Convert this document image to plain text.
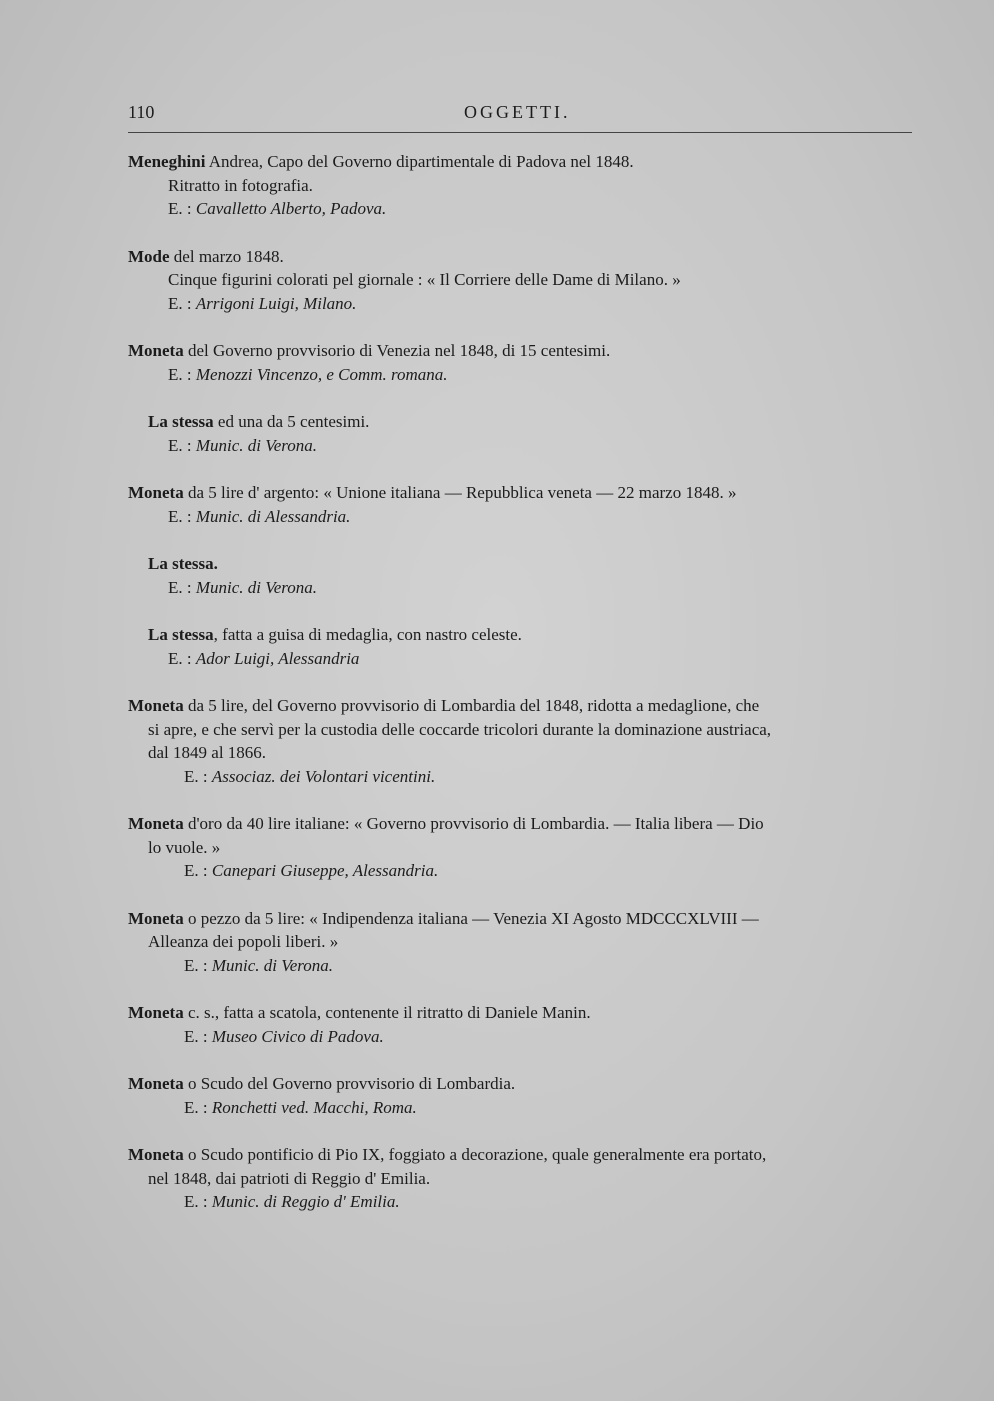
110	OGGETTI.
Meneghini Andrea, Capo del Governo dipartimentale di Padova nel 1848.
Ritratto in fotografia.
E. : Cavalletto Alberto, Padova.
Mode del marzo 1848.
Cinque figurini colorati pel giornale : « Il Corriere delle Dame di Milano. »
E. : Arrigoni Luigi, Milano.
Moneta del Governo provvisorio di Venezia nel 1848, di 15 centesimi.
E. : Menozzi Vincenzo, e Comm. romana.
La stessa ed una da 5 centesimi.
E. : Munic. di Verona.
Moneta da 5 lire d' argento: « Unione italiana — Repubblica veneta — 22 marzo 1848. »
E. : Munic. di Alessandria.
La stessa.
E. : Munic. di Verona.
La stessa, fatta a guisa di medaglia, con nastro celeste.
E. : Ador Luigi, Alessandria
Moneta da 5 lire, del Governo provvisorio di Lombardia del 1848, ridotta a medaglione, che
si apre, e che servì per la custodia delle coccarde tricolori durante la dominazione austriaca,
dal 1849 al 1866.
E. : Associaz. dei Volontari vicentini.
Moneta d'oro da 40 lire italiane: « Governo provvisorio di Lombardia. — Italia libera — Dio
lo vuole. »
E. : Canepari Giuseppe, Alessandria.
Moneta o pezzo da 5 lire: « Indipendenza italiana — Venezia XI Agosto MDCCCXLVIII —
Alleanza dei popoli liberi. »
E. : Munic. di Verona.
Moneta c. s., fatta a scatola, contenente il ritratto di Daniele Manin.
E. : Museo Civico di Padova.
Moneta o Scudo del Governo provvisorio di Lombardia.
E. : Ronchetti ved. Macchi, Roma.
Moneta o Scudo pontificio di Pio IX, foggiato a decorazione, quale generalmente era portato,
nel 1848, dai patrioti di Reggio d' Emilia.
E. : Munic. di Reggio d' Emilia.
